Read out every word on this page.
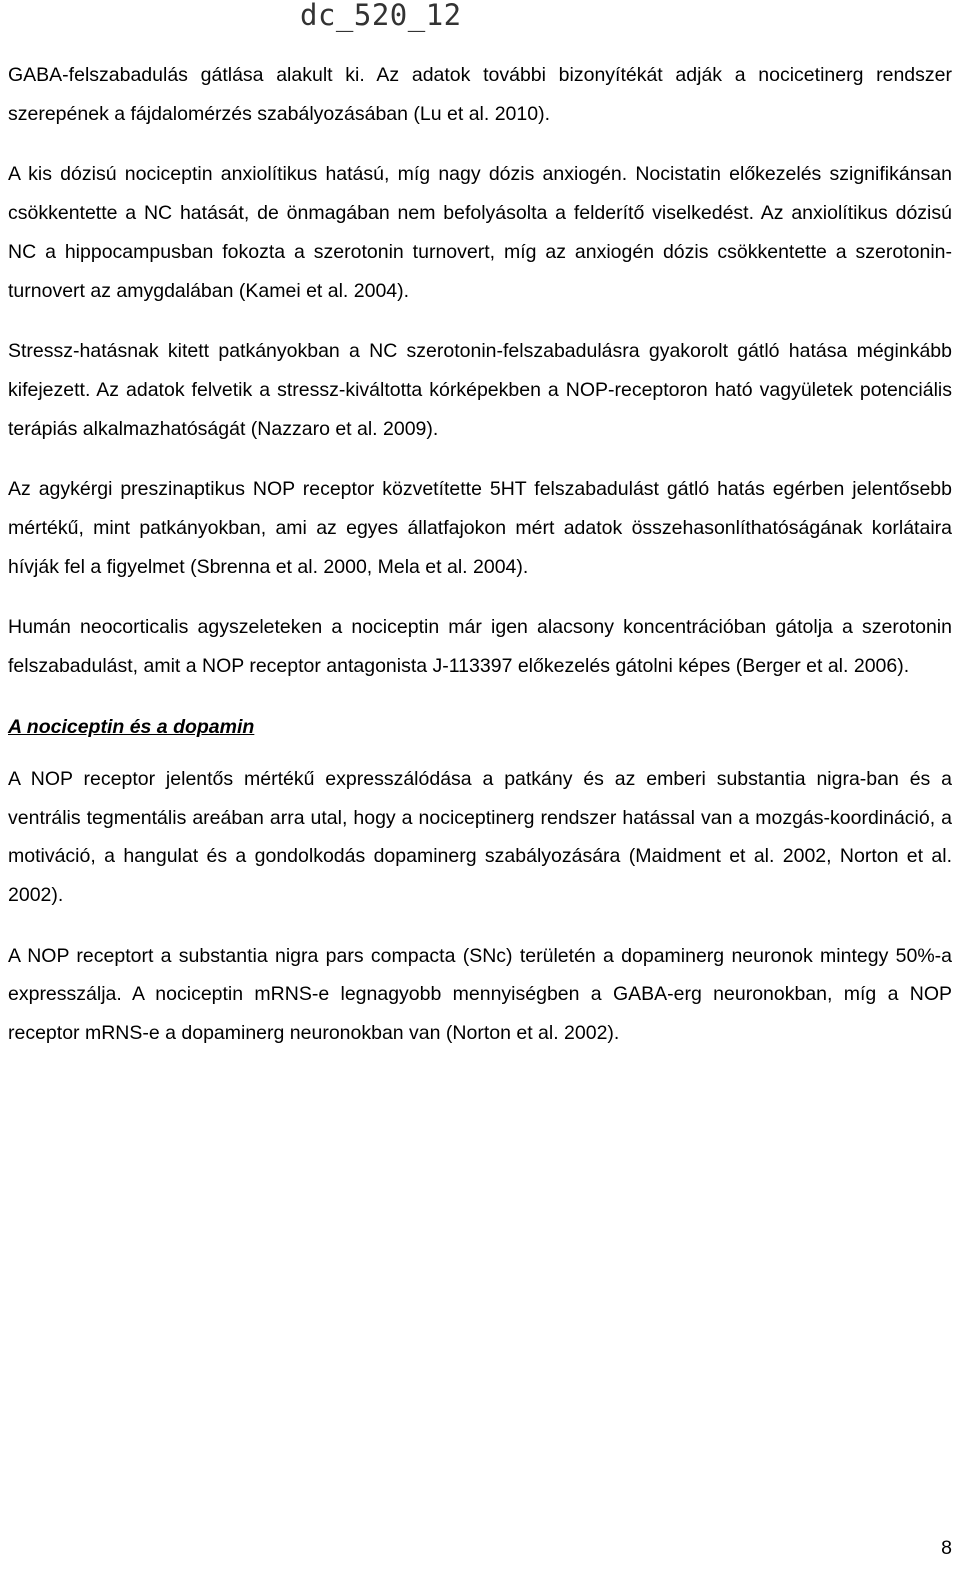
dc_520_12

GABA-felszabadulás gátlása alakult ki. Az adatok további bizonyítékát adják a nocicetinerg rendszer szerepének a fájdalomérzés szabályozásában (Lu et al. 2010).

A kis dózisú nociceptin anxiolítikus hatású, míg nagy dózis anxiogén. Nocistatin előkezelés szignifikánsan csökkentette a NC hatását, de önmagában nem befolyásolta a felderítő viselkedést. Az anxiolítikus dózisú NC a hippocampusban fokozta a szerotonin turnovert, míg az anxiogén dózis csökkentette a szerotonin-turnovert az amygdalában (Kamei et al. 2004).

Stressz-hatásnak kitett patkányokban a NC szerotonin-felszabadulásra gyakorolt gátló hatása méginkább kifejezett. Az adatok felvetik a stressz-kiváltotta kórképekben a NOP-receptoron ható vagyületek potenciális terápiás alkalmazhatóságát (Nazzaro et al. 2009).

Az agykérgi preszinaptikus NOP receptor közvetítette 5HT felszabadulást gátló hatás egérben jelentősebb mértékű, mint patkányokban, ami az egyes állatfajokon mért adatok összehasonlíthatóságának korlátaira hívják fel a figyelmet (Sbrenna et al. 2000, Mela et al. 2004).

Humán neocorticalis agyszeleteken a nociceptin már igen alacsony koncentrációban gátolja a szerotonin felszabadulást, amit a NOP receptor antagonista J-113397 előkezelés gátolni képes (Berger et al. 2006).

A nociceptin és a dopamin

A NOP receptor jelentős mértékű expresszálódása a patkány és az emberi substantia nigra-ban és a ventrális tegmentális areában arra utal, hogy a nociceptinerg rendszer hatással van a mozgás-koordináció, a motiváció, a hangulat és a gondolkodás dopaminerg szabályozására (Maidment et al. 2002, Norton et al. 2002).

A NOP receptort a substantia nigra pars compacta (SNc) területén a dopaminerg neuronok mintegy 50%-a expresszálja. A nociceptin mRNS-e legnagyobb mennyiségben a GABA-erg neuronokban, míg a NOP receptor mRNS-e a dopaminerg neuronokban van (Norton et al. 2002).

8
